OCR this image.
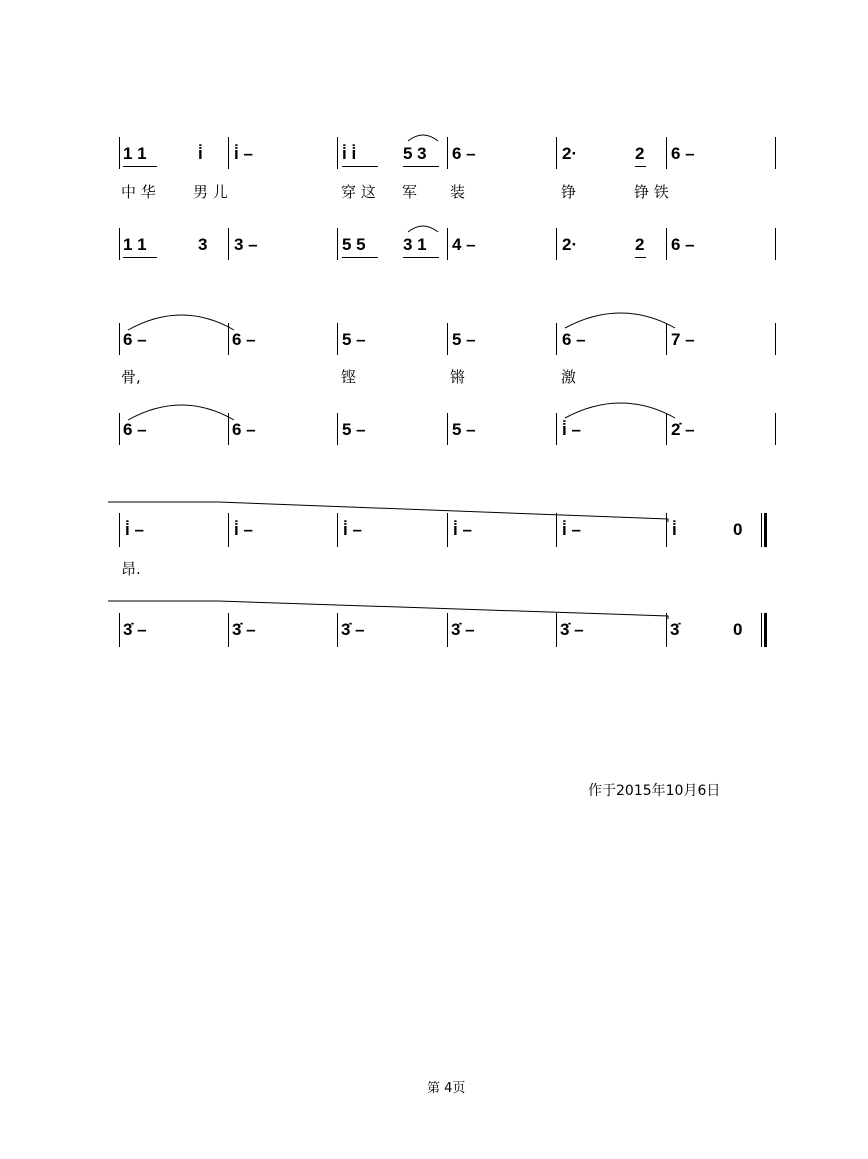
1 1	i̇ i̇ –	i̇ i̇	5 3 6 –	2·	2 6 –
中 华 男 儿	穿 这 军 装	铮	铮 铁
1 1	3 3 –	5 5 3 1 4 –	2·	2 6 –
6 –	6 –	5 –	5 –	6 –	7 –
骨,	铿	锵	激
6 –	6 –	5 –	5 –	i̇ –	2̇ –
i̇ –	i̇ –	i̇ –	i̇ –	i̇ –	i̇	0
昂.
3̇ –	3̇ –	3̇ –	3̇ –	3̇ –	3̇	0
作于2015年10月6日
第 4页
